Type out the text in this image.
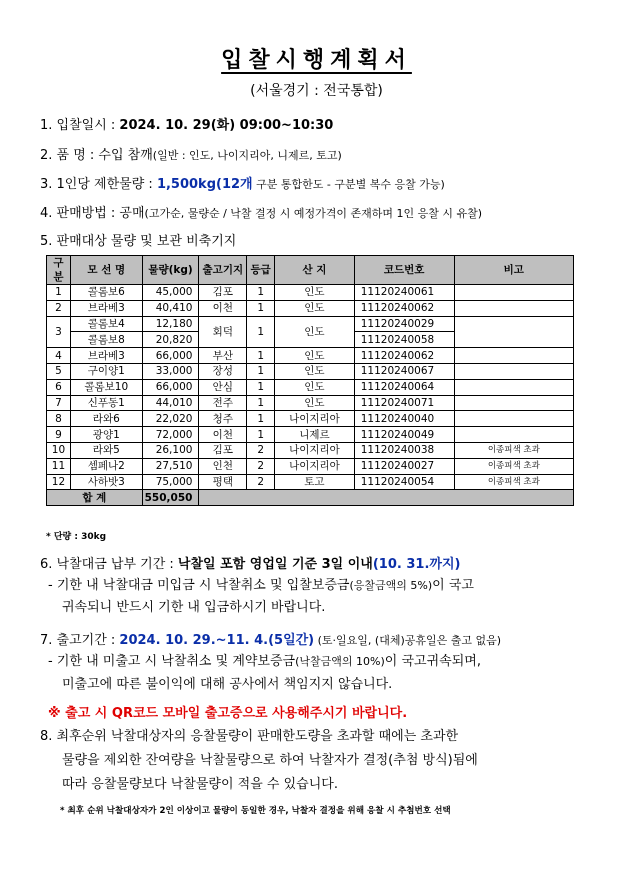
입찰시행계획서
(서울경기 : 전국통합)
1. 입찰일시 : 2024. 10. 29(화) 09:00~10:30
2. 품 명 : 수입 참깨(일반 : 인도, 나이지리아, 니제르, 토고)
3. 1인당 제한물량 : 1,500kg(12개 구분 통합한도 - 구분별 복수 응찰 가능)
4. 판매방법 : 공매(고가순, 물량순 / 낙찰 결정 시 예정가격이 존재하며 1인 응찰 시 유찰)
5. 판매대상 물량 및 보관 비축기지
구분	모 선 명	물량(kg)	출고기지	등급	산 지	코드번호	비고
1	콜롬보6	45,000	김포	1	인도	11120240061	
2	브라베3	40,410	이천	1	인도	11120240062	
3	콜롬보4	12,180	회덕	1	인도	11120240029	
	콜롬보8	20,820				11120240058	
4	브라베3	66,000	부산	1	인도	11120240062	
5	구이양1	33,000	장성	1	인도	11120240067	
6	콜롬보10	66,000	안심	1	인도	11120240064	
7	신푸동1	44,010	전주	1	인도	11120240071	
8	라와6	22,020	청주	1	나이지리아	11120240040	
9	광양1	72,000	이천	1	니제르	11120240049	
10	라와5	26,100	김포	2	나이지리아	11120240038	이종피색 초과
11	셈페나2	27,510	인천	2	나이지리아	11120240027	이종피색 초과
12	사하밧3	75,000	평택	2	토고	11120240054	이종피색 초과
합 계		550,050					
* 단량 : 30kg
6. 낙찰대금 납부 기간 : 낙찰일 포함 영업일 기준 3일 이내(10. 31.까지)
- 기한 내 낙찰대금 미입금 시 낙찰취소 및 입찰보증금(응찰금액의 5%)이 국고
귀속되니 반드시 기한 내 입금하시기 바랍니다.
7. 출고기간 : 2024. 10. 29.~11. 4.(5일간) (토·일요일, (대체)공휴일은 출고 없음)
- 기한 내 미출고 시 낙찰취소 및 계약보증금(낙찰금액의 10%)이 국고귀속되며,
미출고에 따른 불이익에 대해 공사에서 책임지지 않습니다.
※ 출고 시 QR코드 모바일 출고증으로 사용해주시기 바랍니다.
8. 최후순위 낙찰대상자의 응찰물량이 판매한도량을 초과할 때에는 초과한
물량을 제외한 잔여량을 낙찰물량으로 하여 낙찰자가 결정(추첨 방식)됨에
따라 응찰물량보다 낙찰물량이 적을 수 있습니다.
* 최후 순위 낙찰대상자가 2인 이상이고 물량이 동일한 경우, 낙찰자 결정을 위해 응찰 시 추첨번호 선택
